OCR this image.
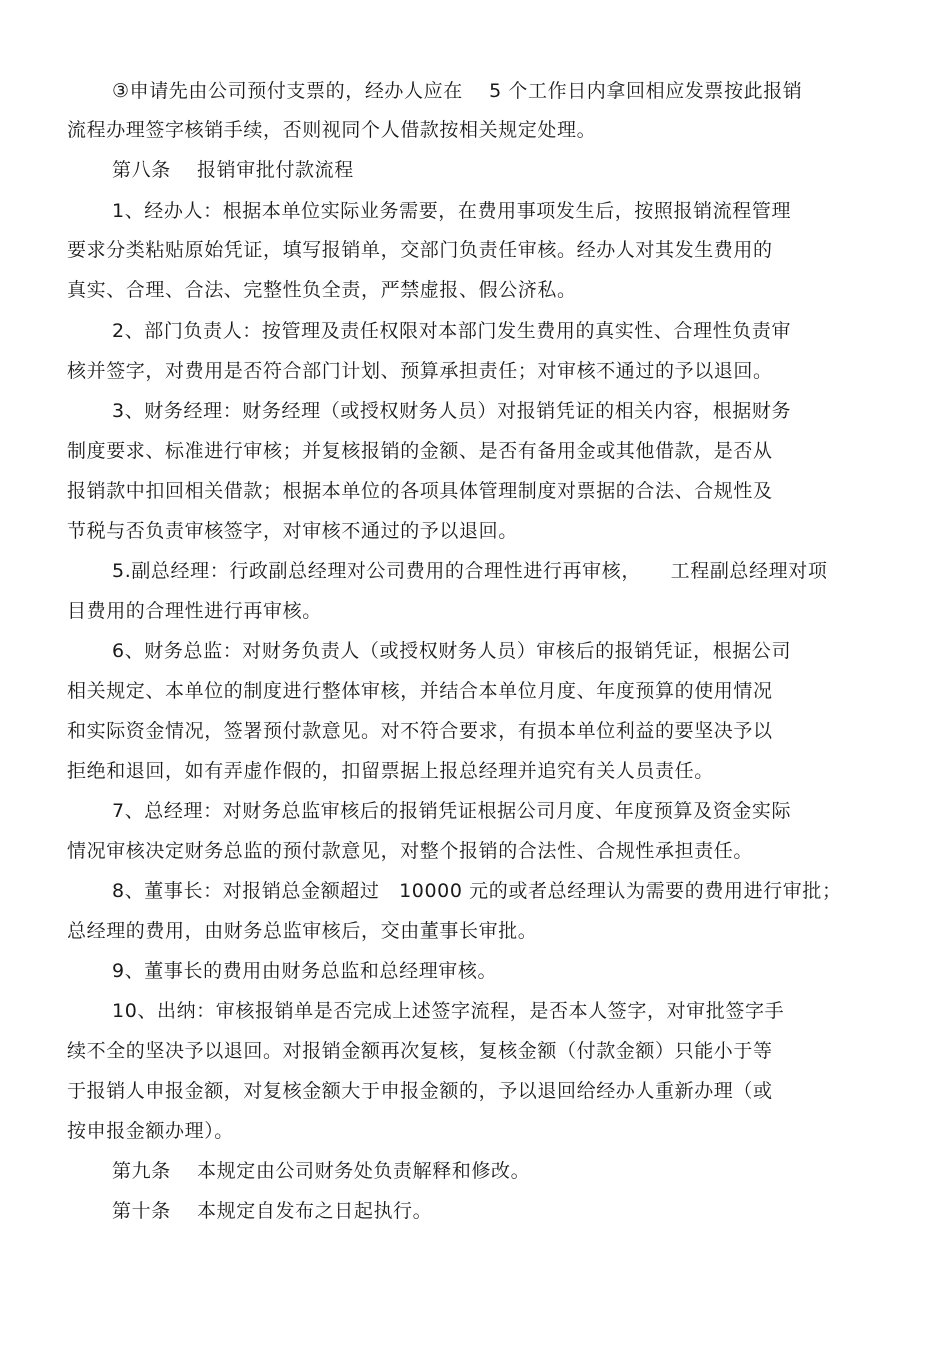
③申请先由公司预付支票的，经办人应在　 5 个工作日内拿回相应发票按此报销
流程办理签字核销手续，否则视同个人借款按相关规定处理。
第八条　 报销审批付款流程
1、经办人：根据本单位实际业务需要，在费用事项发生后，按照报销流程管理
要求分类粘贴原始凭证，填写报销单，交部门负责任审核。经办人对其发生费用的
真实、合理、合法、完整性负全责，严禁虚报、假公济私。
2、部门负责人：按管理及责任权限对本部门发生费用的真实性、合理性负责审
核并签字，对费用是否符合部门计划、预算承担责任；对审核不通过的予以退回。
3、财务经理：财务经理（或授权财务人员）对报销凭证的相关内容，根据财务
制度要求、标准进行审核；并复核报销的金额、是否有备用金或其他借款，是否从
报销款中扣回相关借款；根据本单位的各项具体管理制度对票据的合法、合规性及
节税与否负责审核签字，对审核不通过的予以退回。
5.副总经理：行政副总经理对公司费用的合理性进行再审核，　　工程副总经理对项
目费用的合理性进行再审核。
6、财务总监：对财务负责人（或授权财务人员）审核后的报销凭证，根据公司
相关规定、本单位的制度进行整体审核，并结合本单位月度、年度预算的使用情况
和实际资金情况，签署预付款意见。对不符合要求，有损本单位利益的要坚决予以
拒绝和退回，如有弄虚作假的，扣留票据上报总经理并追究有关人员责任。
7、总经理：对财务总监审核后的报销凭证根据公司月度、年度预算及资金实际
情况审核决定财务总监的预付款意见，对整个报销的合法性、合规性承担责任。
8、董事长：对报销总金额超过　10000 元的或者总经理认为需要的费用进行审批；
总经理的费用，由财务总监审核后，交由董事长审批。
9、董事长的费用由财务总监和总经理审核。
10、出纳：审核报销单是否完成上述签字流程，是否本人签字，对审批签字手
续不全的坚决予以退回。对报销金额再次复核，复核金额（付款金额）只能小于等
于报销人申报金额，对复核金额大于申报金额的，予以退回给经办人重新办理（或
按申报金额办理）。
第九条　 本规定由公司财务处负责解释和修改。
第十条　 本规定自发布之日起执行。
